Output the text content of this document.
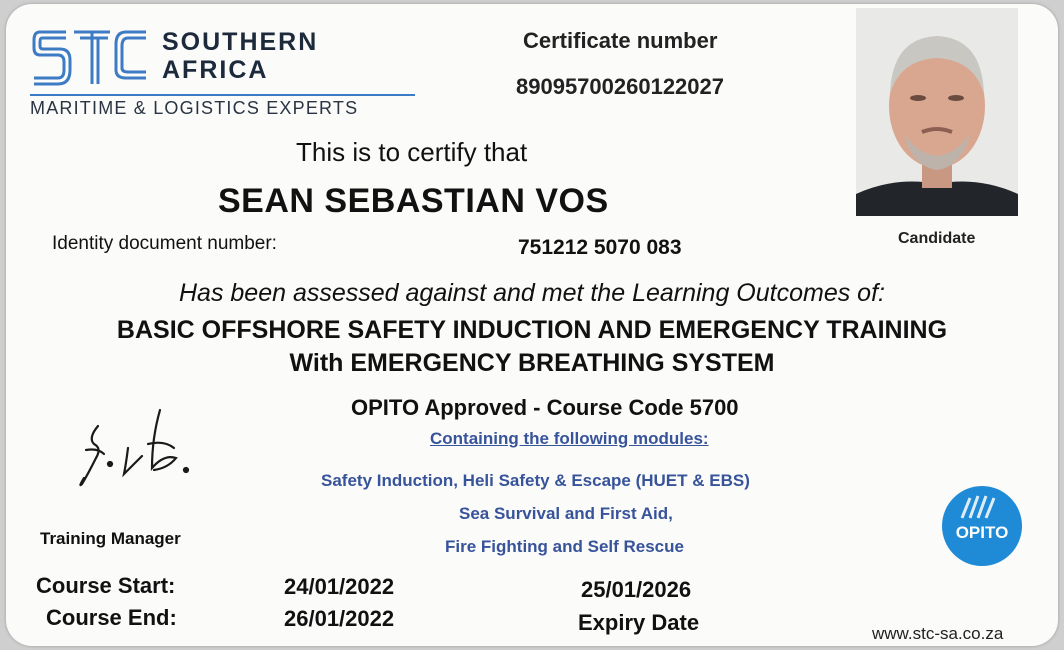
SOUTHERN
AFRICA
MARITIME & LOGISTICS EXPERTS
Certificate number
89095700260122027
Candidate
This is to certify that
SEAN SEBASTIAN VOS
Identity document number:	751212 5070 083
Has been assessed against and met the Learning Outcomes of:
BASIC OFFSHORE SAFETY INDUCTION AND EMERGENCY TRAINING
With EMERGENCY BREATHING SYSTEM
OPITO Approved - Course Code 5700
Containing the following modules:
Safety Induction, Heli Safety & Escape (HUET & EBS)
Sea Survival and First Aid,
Fire Fighting and Self Rescue
Training Manager
Course Start:
Course End:
24/01/2022
26/01/2022
25/01/2026
Expiry Date
OPITO
www.stc-sa.co.za
